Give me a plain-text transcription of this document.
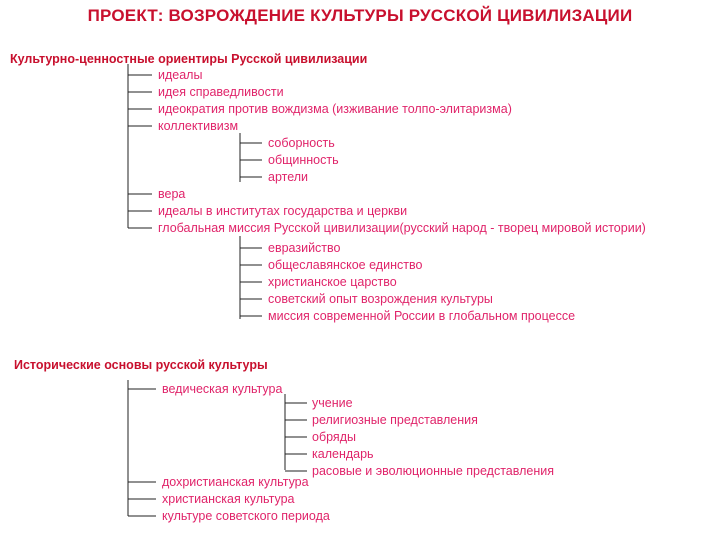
ПРОЕКТ: ВОЗРОЖДЕНИЕ КУЛЬТУРЫ РУССКОЙ ЦИВИЛИЗАЦИИ
Культурно-ценностные ориентиры Русской цивилизации
идеалы
идея справедливости
идеократия против вождизма (изживание толпо-элитаризма)
коллективизм
соборность
общинность
артели
вера
идеалы в институтах государства и церкви
глобальная миссия Русской цивилизации(русский народ - творец мировой истории)
евразийство
общеславянское единство
христианское царство
советский опыт возрождения культуры
миссия современной России в глобальном процессе
Исторические основы русской культуры
ведическая культура
учение
религиозные представления
обряды
календарь
расовые и эволюционные представления
дохристианская культура
христианская культура
культуре советского периода
